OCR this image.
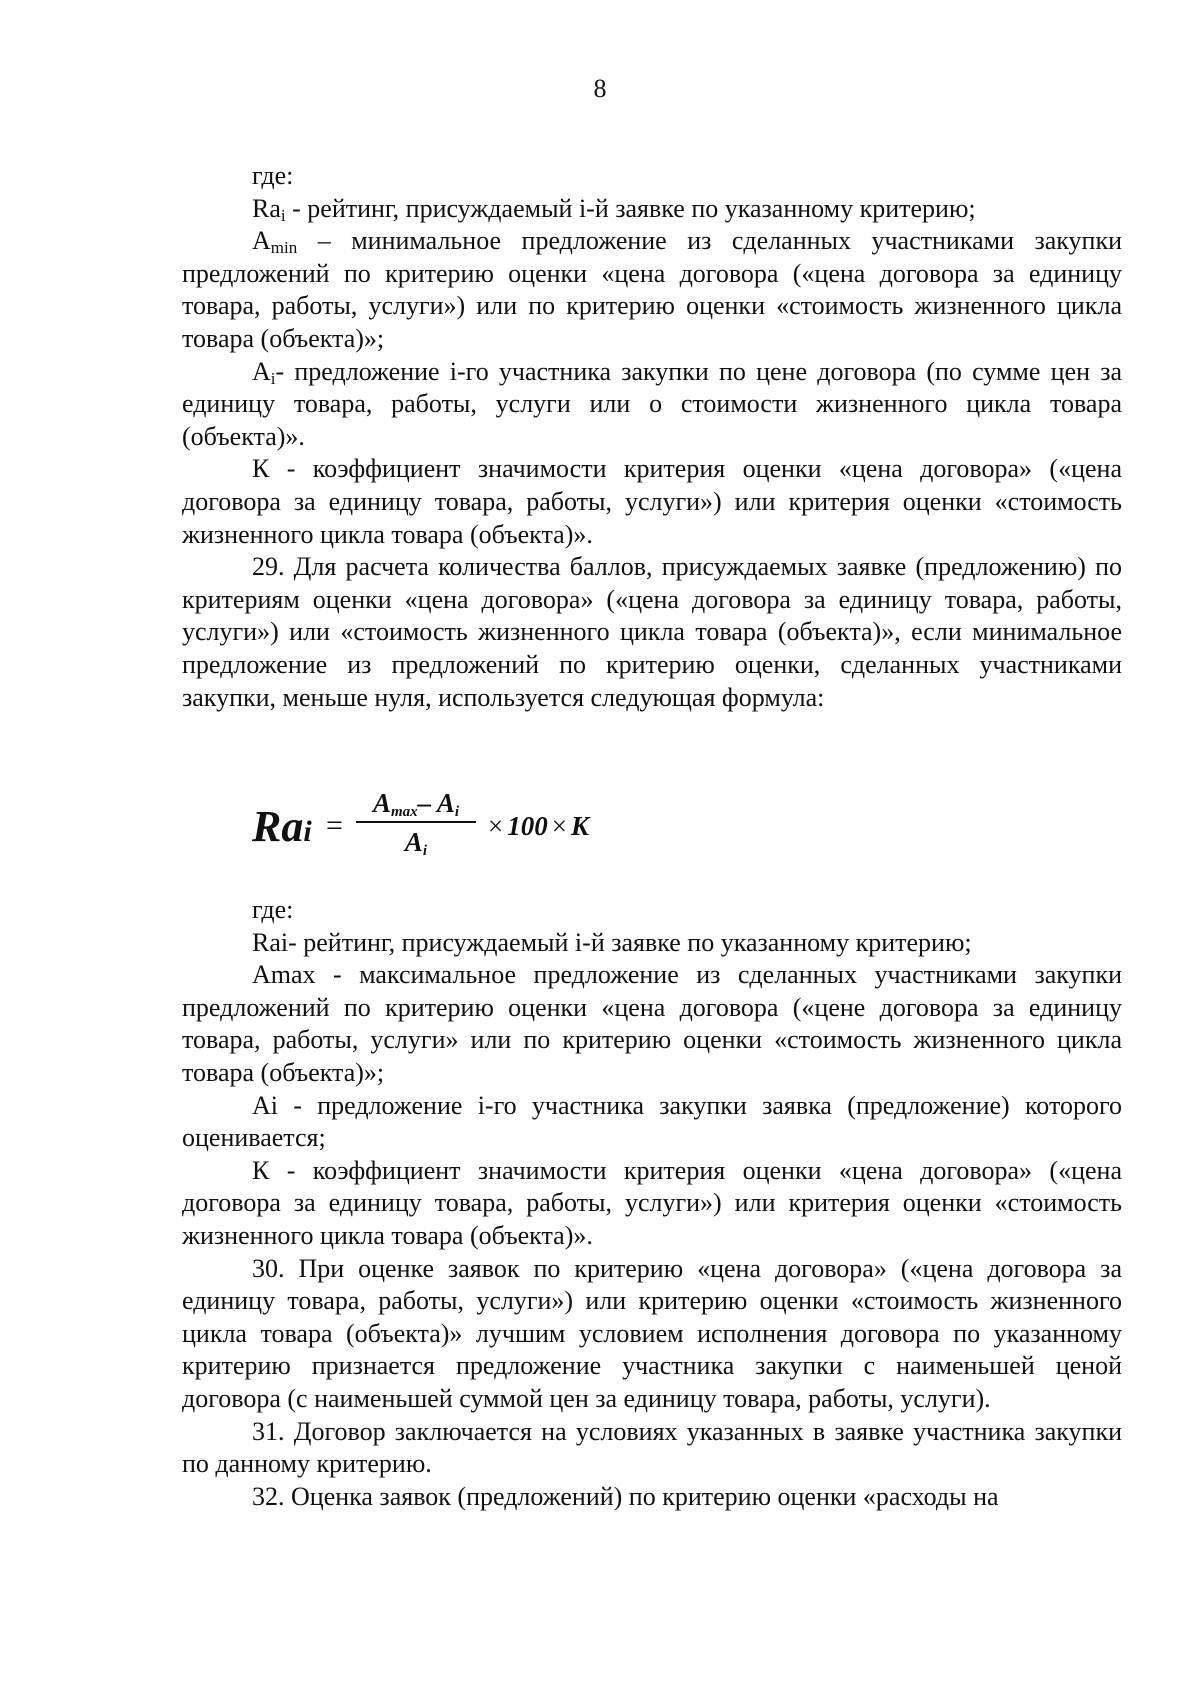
8

где:

$Ra_i$ - рейтинг, присуждаемый i-й заявке по указанному критерию;

$A_{min}$ – минимальное предложение из сделанных участниками закупки предложений по критерию оценки «цена договора («цена договора за единицу товара, работы, услуги») или по критерию оценки «стоимость жизненного цикла товара (объекта)»;

$A_i-$ предложение i-го участника закупки по цене договора (по сумме цен за единицу товара, работы, услуги или о стоимости жизненного цикла товара (объекта)».

К - коэффициент значимости критерия оценки «цена договора» («цена договора за единицу товара, работы, услуги») или критерия оценки «стоимость жизненного цикла товара (объекта)».

29. Для расчета количества баллов, присуждаемых заявке (предложению) по критериям оценки «цена договора» («цена договора за единицу товара, работы, услуги») или «стоимость жизненного цикла товара (объекта)», если минимальное предложение из предложений по критерию оценки, сделанных участниками закупки, меньше нуля, используется следующая формула:

Rai =
$A_{max}-$ $A_i$
$A_i$
× 100 × K

где:

Rai- рейтинг, присуждаемый i-й заявке по указанному критерию;

Amax - максимальное предложение из сделанных участниками закупки предложений по критерию оценки «цена договора («цене договора за единицу товара, работы, услуги» или по критерию оценки «стоимость жизненного цикла товара (объекта)»;

Ai - предложение i-го участника закупки заявка (предложение) которого оценивается;

К - коэффициент значимости критерия оценки «цена договора» («цена договора за единицу товара, работы, услуги») или критерия оценки «стоимость жизненного цикла товара (объекта)».

30. При оценке заявок по критерию «цена договора» («цена договора за единицу товара, работы, услуги») или критерию оценки «стоимость жизненного цикла товара (объекта)» лучшим условием исполнения договора по указанному критерию признается предложение участника закупки с наименьшей ценой договора (с наименьшей суммой цен за единицу товара, работы, услуги).

31. Договор заключается на условиях указанных в заявке участника закупки по данному критерию.

32. Оценка заявок (предложений) по критерию оценки «расходы на
